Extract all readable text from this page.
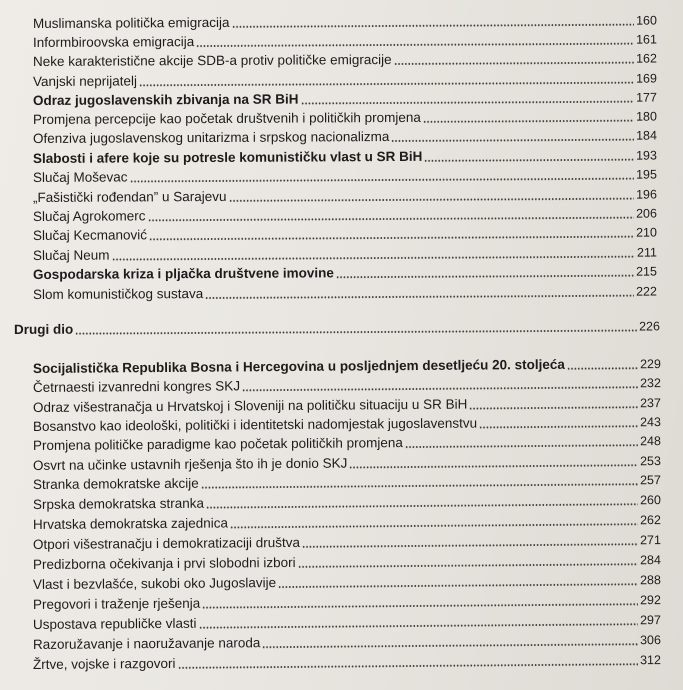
Muslimanska politička emigracija	160
Informbiroovska emigracija	161
Neke karakteristične akcije SDB-a protiv političke emigracije	162
Vanjski neprijatelj	169
Odraz jugoslavenskih zbivanja na SR BiH	177
Promjena percepcije kao početak društvenih i političkih promjena	180
Ofenziva jugoslavenskog unitarizma i srpskog nacionalizma	184
Slabosti i afere koje su potresle komunističku vlast u SR BiH	193
Slučaj Moševac	195
„Fašistički rođendan” u Sarajevu	196
Slučaj Agrokomerc	206
Slučaj Kecmanović	210
Slučaj Neum	211
Gospodarska kriza i pljačka društvene imovine	215
Slom komunističkog sustava	222
Drugi dio	226
Socijalistička Republika Bosna i Hercegovina u posljednjem desetljeću 20. stoljeća	229
Četrnaesti izvanredni kongres SKJ	232
Odraz višestranačja u Hrvatskoj i Sloveniji na političku situaciju u SR BiH	237
Bosanstvo kao ideološki, politički i identitetski nadomjestak jugoslavenstvu	243
Promjena političke paradigme kao početak političkih promjena	248
Osvrt na učinke ustavnih rješenja što ih je donio SKJ	253
Stranka demokratske akcije	257
Srpska demokratska stranka	260
Hrvatska demokratska zajednica	262
Otpori višestranačju i demokratizaciji društva	271
Predizborna očekivanja i prvi slobodni izbori	284
Vlast i bezvlašće, sukobi oko Jugoslavije	288
Pregovori i traženje rješenja	292
Uspostava republičke vlasti	297
Razoružavanje i naoružavanje naroda	306
Žrtve, vojske i razgovori	312
